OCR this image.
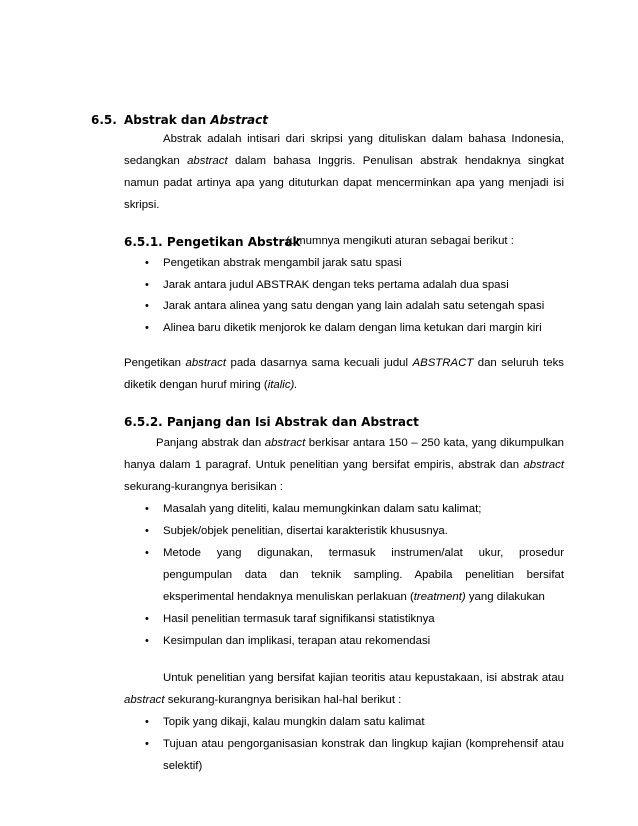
6.5. Abstrak dan Abstract
Abstrak adalah intisari dari skripsi yang dituliskan dalam bahasa Indonesia,
sedangkan abstract dalam bahasa Inggris. Penulisan abstrak hendaknya singkat
namun padat artinya apa yang dituturkan dapat mencerminkan apa yang menjadi isi
skripsi.
6.5.1. Pengetikan Abstrak
(umumnya mengikuti aturan sebagai berikut :
• Pengetikan abstrak mengambil jarak satu spasi
• Jarak antara judul ABSTRAK dengan teks pertama adalah dua spasi
• Jarak antara alinea yang satu dengan yang lain adalah satu setengah spasi
• Alinea baru diketik menjorok ke dalam dengan lima ketukan dari margin kiri
Pengetikan abstract pada dasarnya sama kecuali judul ABSTRACT dan seluruh teks
diketik dengan huruf miring (italic).
6.5.2. Panjang dan Isi Abstrak dan Abstract
Panjang abstrak dan abstract berkisar antara 150 – 250 kata, yang dikumpulkan
hanya dalam 1 paragraf. Untuk penelitian yang bersifat empiris, abstrak dan abstract
sekurang-kurangnya berisikan :
• Masalah yang diteliti, kalau memungkinkan dalam satu kalimat;
• Subjek/objek penelitian, disertai karakteristik khususnya.
• Metode yang digunakan, termasuk instrumen/alat ukur, prosedur
pengumpulan data dan teknik sampling. Apabila penelitian bersifat
eksperimental hendaknya menuliskan perlakuan (treatment) yang dilakukan
• Hasil penelitian termasuk taraf signifikansi statistiknya
• Kesimpulan dan implikasi, terapan atau rekomendasi
Untuk penelitian yang bersifat kajian teoritis atau kepustakaan, isi abstrak atau
abstract sekurang-kurangnya berisikan hal-hal berikut :
• Topik yang dikaji, kalau mungkin dalam satu kalimat
• Tujuan atau pengorganisasian konstrak dan lingkup kajian (komprehensif atau
selektif)
